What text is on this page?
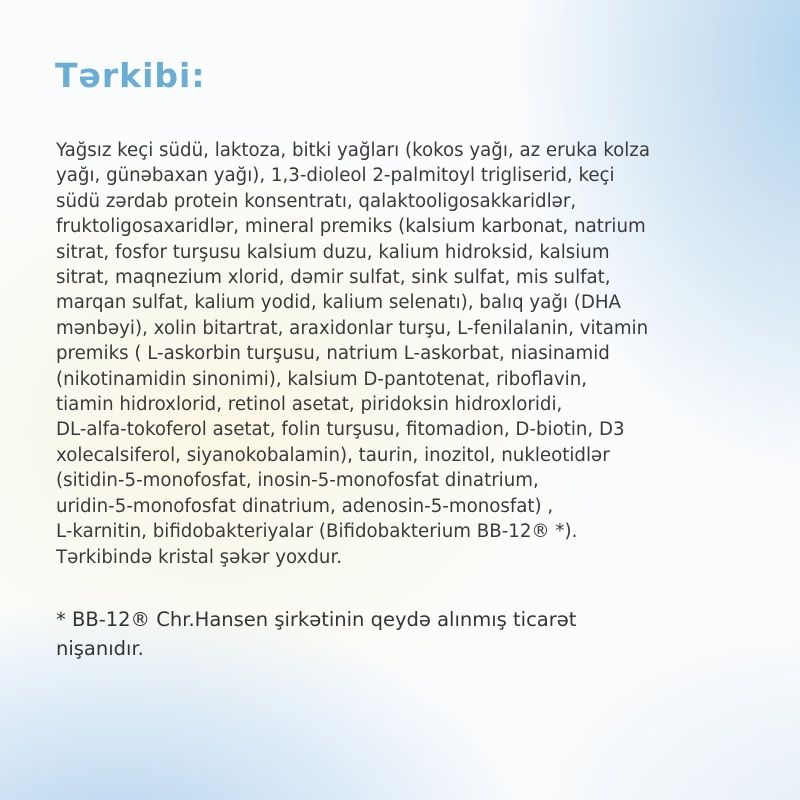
Tərkibi:
Yağsız keçi südü, laktoza, bitki yağları (kokos yağı, az eruka kolza
yağı, günəbaxan yağı), 1,3-dioleol 2-palmitoyl trigliserid, keçi
südü zərdab protein konsentratı, qalaktooligosakkaridlər,
fruktoligosaxaridlər, mineral premiks (kalsium karbonat, natrium
sitrat, fosfor turşusu kalsium duzu, kalium hidroksid, kalsium
sitrat, maqnezium xlorid, dəmir sulfat, sink sulfat, mis sulfat,
marqan sulfat, kalium yodid, kalium selenatı), balıq yağı (DHA
mənbəyi), xolin bitartrat, araxidonlar turşu, L-fenilalanin, vitamin
premiks ( L-askorbin turşusu, natrium L-askorbat, niasinamid
(nikotinamidin sinonimi), kalsium D-pantotenat, riboflavin,
tiamin hidroxlorid, retinol asetat, piridoksin hidroxloridi,
DL-alfa-tokoferol asetat, folin turşusu, fitomadion, D-biotin, D3
xolecalsiferol, siyanokobalamin), taurin, inozitol, nukleotidlər
(sitidin-5-monofosfat, inosin-5-monofosfat dinatrium,
uridin-5-monofosfat dinatrium, adenosin-5-monosfat) ,
L-karnitin, bifidobakteriyalar (Bifidobakterium BB-12® *).
Tərkibində kristal şəkər yoxdur.
* BB-12® Chr.Hansen şirkətinin qeydə alınmış ticarət
nişanıdır.
